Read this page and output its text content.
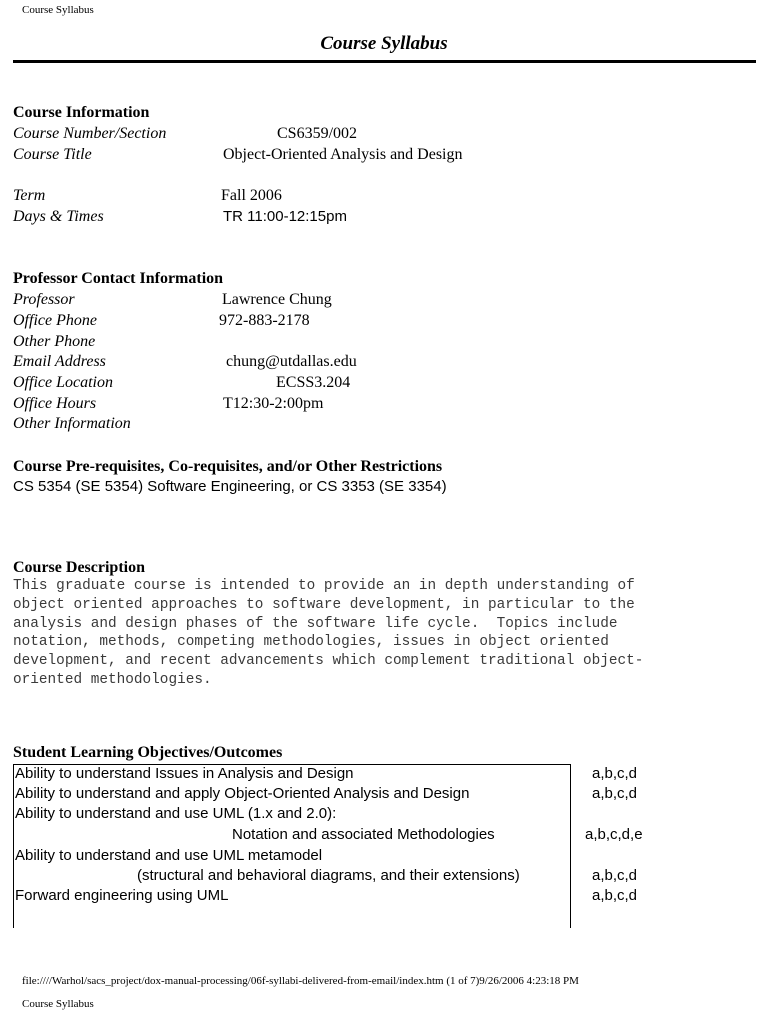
Course Syllabus
Course Syllabus
Course Information
Course Number/Section	CS6359/002
Course Title	Object-Oriented Analysis and Design
Term	Fall 2006
Days & Times	TR 11:00-12:15pm
Professor Contact Information
Professor	Lawrence Chung
Office Phone	972-883-2178
Other Phone
Email Address	chung@utdallas.edu
Office Location	ECSS3.204
Office Hours	T12:30-2:00pm
Other Information
Course Pre-requisites, Co-requisites, and/or Other Restrictions
CS 5354 (SE 5354) Software Engineering, or CS 3353 (SE 3354)
Course Description
This graduate course is intended to provide an in depth understanding of
object oriented approaches to software development, in particular to the
analysis and design phases of the software life cycle.  Topics include
notation, methods, competing methodologies, issues in object oriented
development, and recent advancements which complement traditional object-
oriented methodologies.
Student Learning Objectives/Outcomes
Ability to understand Issues in Analysis and Design	a,b,c,d
Ability to understand and apply Object-Oriented Analysis and Design	a,b,c,d
Ability to understand and use UML (1.x and 2.0):
Notation and associated Methodologies	a,b,c,d,e
Ability to understand and use UML metamodel
(structural and behavioral diagrams, and their extensions)	a,b,c,d
Forward engineering using UML	a,b,c,d
file:////Warhol/sacs_project/dox-manual-processing/06f-syllabi-delivered-from-email/index.htm (1 of 7)9/26/2006 4:23:18 PM
Course Syllabus
